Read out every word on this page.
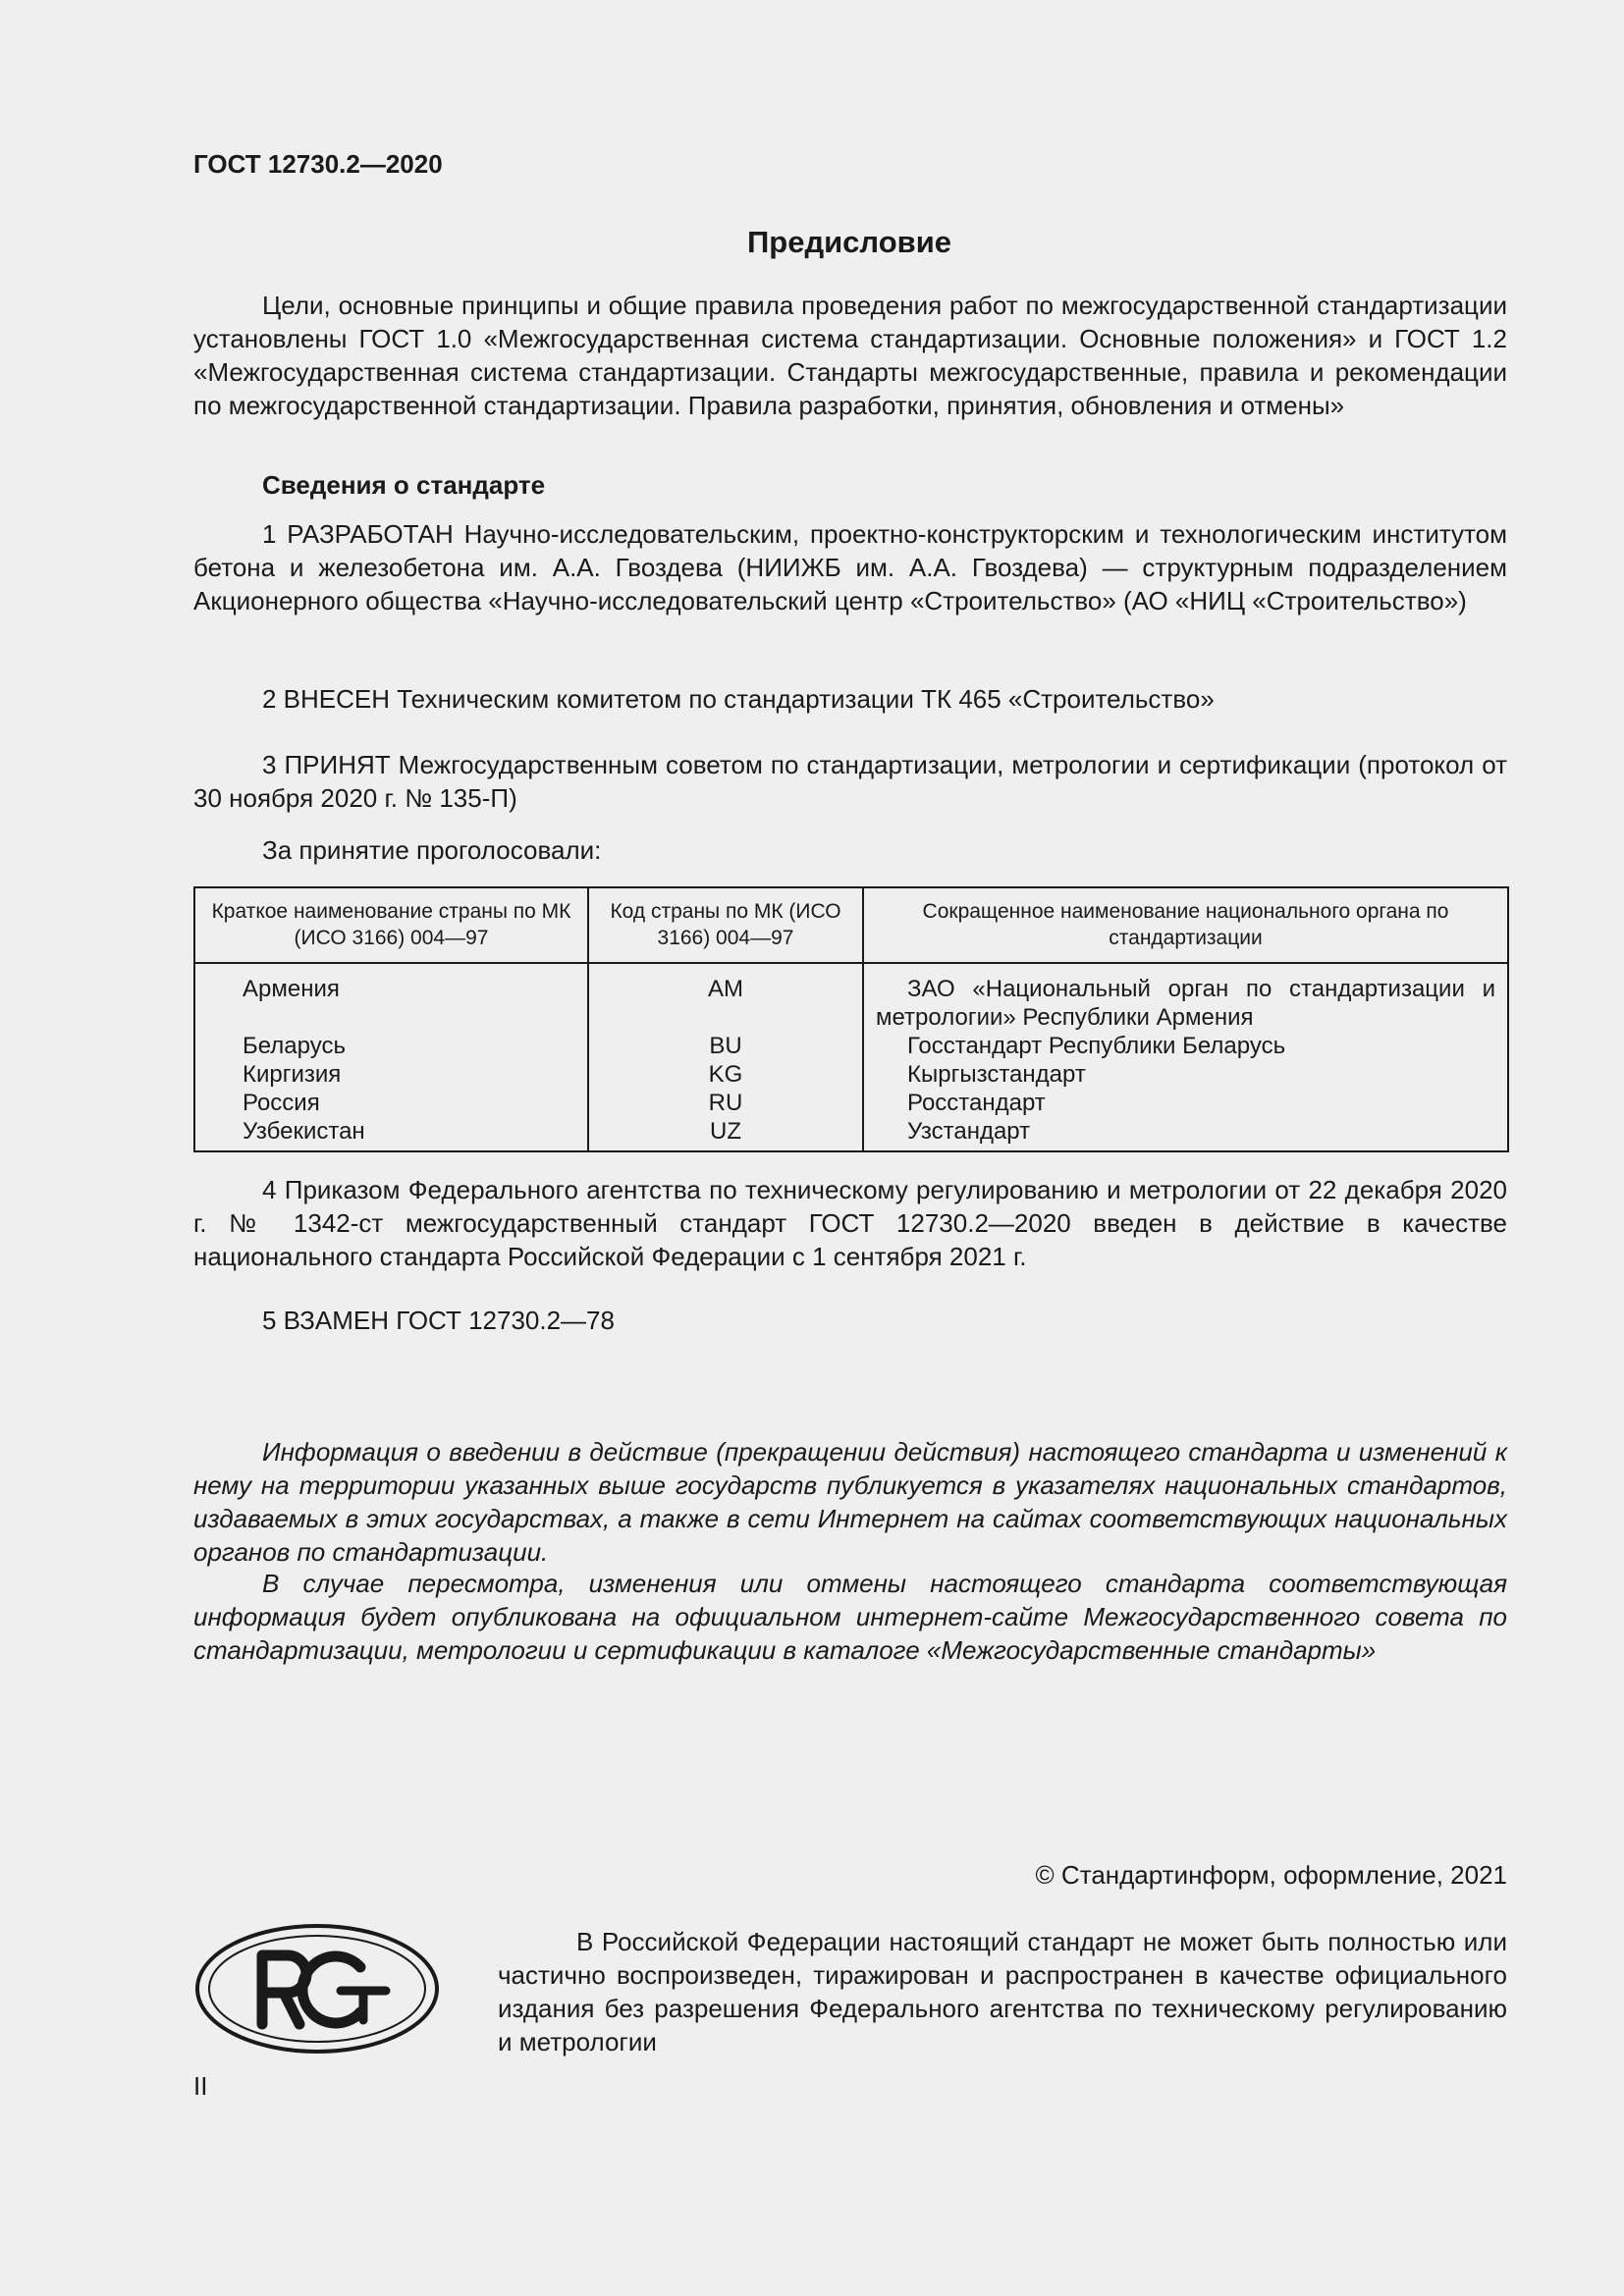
ГОСТ 12730.2—2020
Предисловие

Цели, основные принципы и общие правила проведения работ по межгосударственной стандартизации установлены ГОСТ 1.0 «Межгосударственная система стандартизации. Основные положения» и ГОСТ 1.2 «Межгосударственная система стандартизации. Стандарты межгосударственные, правила и рекомендации по межгосударственной стандартизации. Правила разработки, принятия, обновления и отмены»

Сведения о стандарте

1 РАЗРАБОТАН Научно-исследовательским, проектно-конструкторским и технологическим институтом бетона и железобетона им. А.А. Гвоздева (НИИЖБ им. А.А. Гвоздева) — структурным подразделением Акционерного общества «Научно-исследовательский центр «Строительство» (АО «НИЦ «Строительство»)

2 ВНЕСЕН Техническим комитетом по стандартизации ТК 465 «Строительство»

3 ПРИНЯТ Межгосударственным советом по стандартизации, метрологии и сертификации (протокол от 30 ноября 2020 г. № 135-П)

За принятие проголосовали:
Краткое наименование страны по МК (ИСО 3166) 004—97	Код страны по МК (ИСО 3166) 004—97	Сокращенное наименование национального органа по стандартизации
Армения	AM	ЗАО «Национальный орган по стандартизации и метрологии» Республики Армения
Беларусь	BU	Госстандарт Республики Беларусь
Киргизия	KG	Кыргызстандарт
Россия	RU	Росстандарт
Узбекистан	UZ	Узстандарт

4 Приказом Федерального агентства по техническому регулированию и метрологии от 22 декабря 2020 г. № 1342-ст межгосударственный стандарт ГОСТ 12730.2—2020 введен в действие в качестве национального стандарта Российской Федерации с 1 сентября 2021 г.

5 ВЗАМЕН ГОСТ 12730.2—78

Информация о введении в действие (прекращении действия) настоящего стандарта и изменений к нему на территории указанных выше государств публикуется в указателях национальных стандартов, издаваемых в этих государствах, а также в сети Интернет на сайтах соответствующих национальных органов по стандартизации.

В случае пересмотра, изменения или отмены настоящего стандарта соответствующая информация будет опубликована на официальном интернет-сайте Межгосударственного совета по стандартизации, метрологии и сертификации в каталоге «Межгосударственные стандарты»

© Стандартинформ, оформление, 2021

В Российской Федерации настоящий стандарт не может быть полностью или частично воспроизведен, тиражирован и распространен в качестве официального издания без разрешения Федерального агентства по техническому регулированию и метрологии

II
